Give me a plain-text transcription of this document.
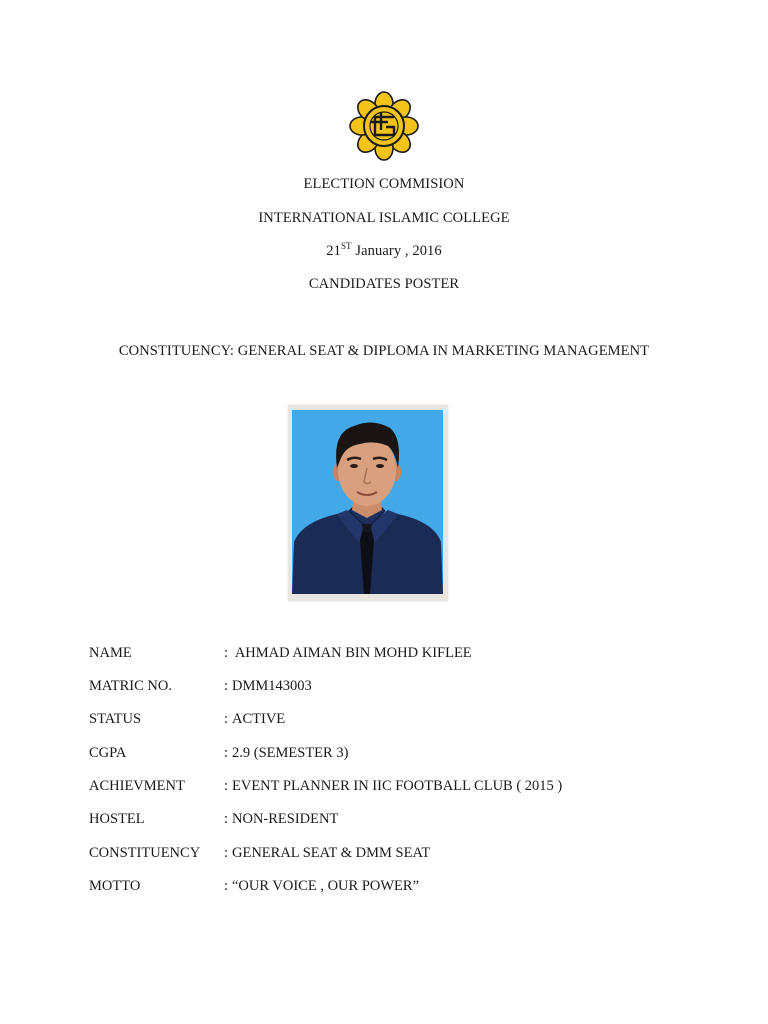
ELECTION COMMISION
INTERNATIONAL ISLAMIC COLLEGE
21ST January , 2016
CANDIDATES POSTER
CONSTITUENCY: GENERAL SEAT & DIPLOMA IN MARKETING MANAGEMENT
NAME	: AHMAD AIMAN BIN MOHD KIFLEE
MATRIC NO.	: DMM143003
STATUS	: ACTIVE
CGPA	: 2.9 (SEMESTER 3)
ACHIEVMENT	: EVENT PLANNER IN IIC FOOTBALL CLUB ( 2015 )
HOSTEL	: NON-RESIDENT
CONSTITUENCY : GENERAL SEAT & DMM SEAT
MOTTO	: “OUR VOICE , OUR POWER”
